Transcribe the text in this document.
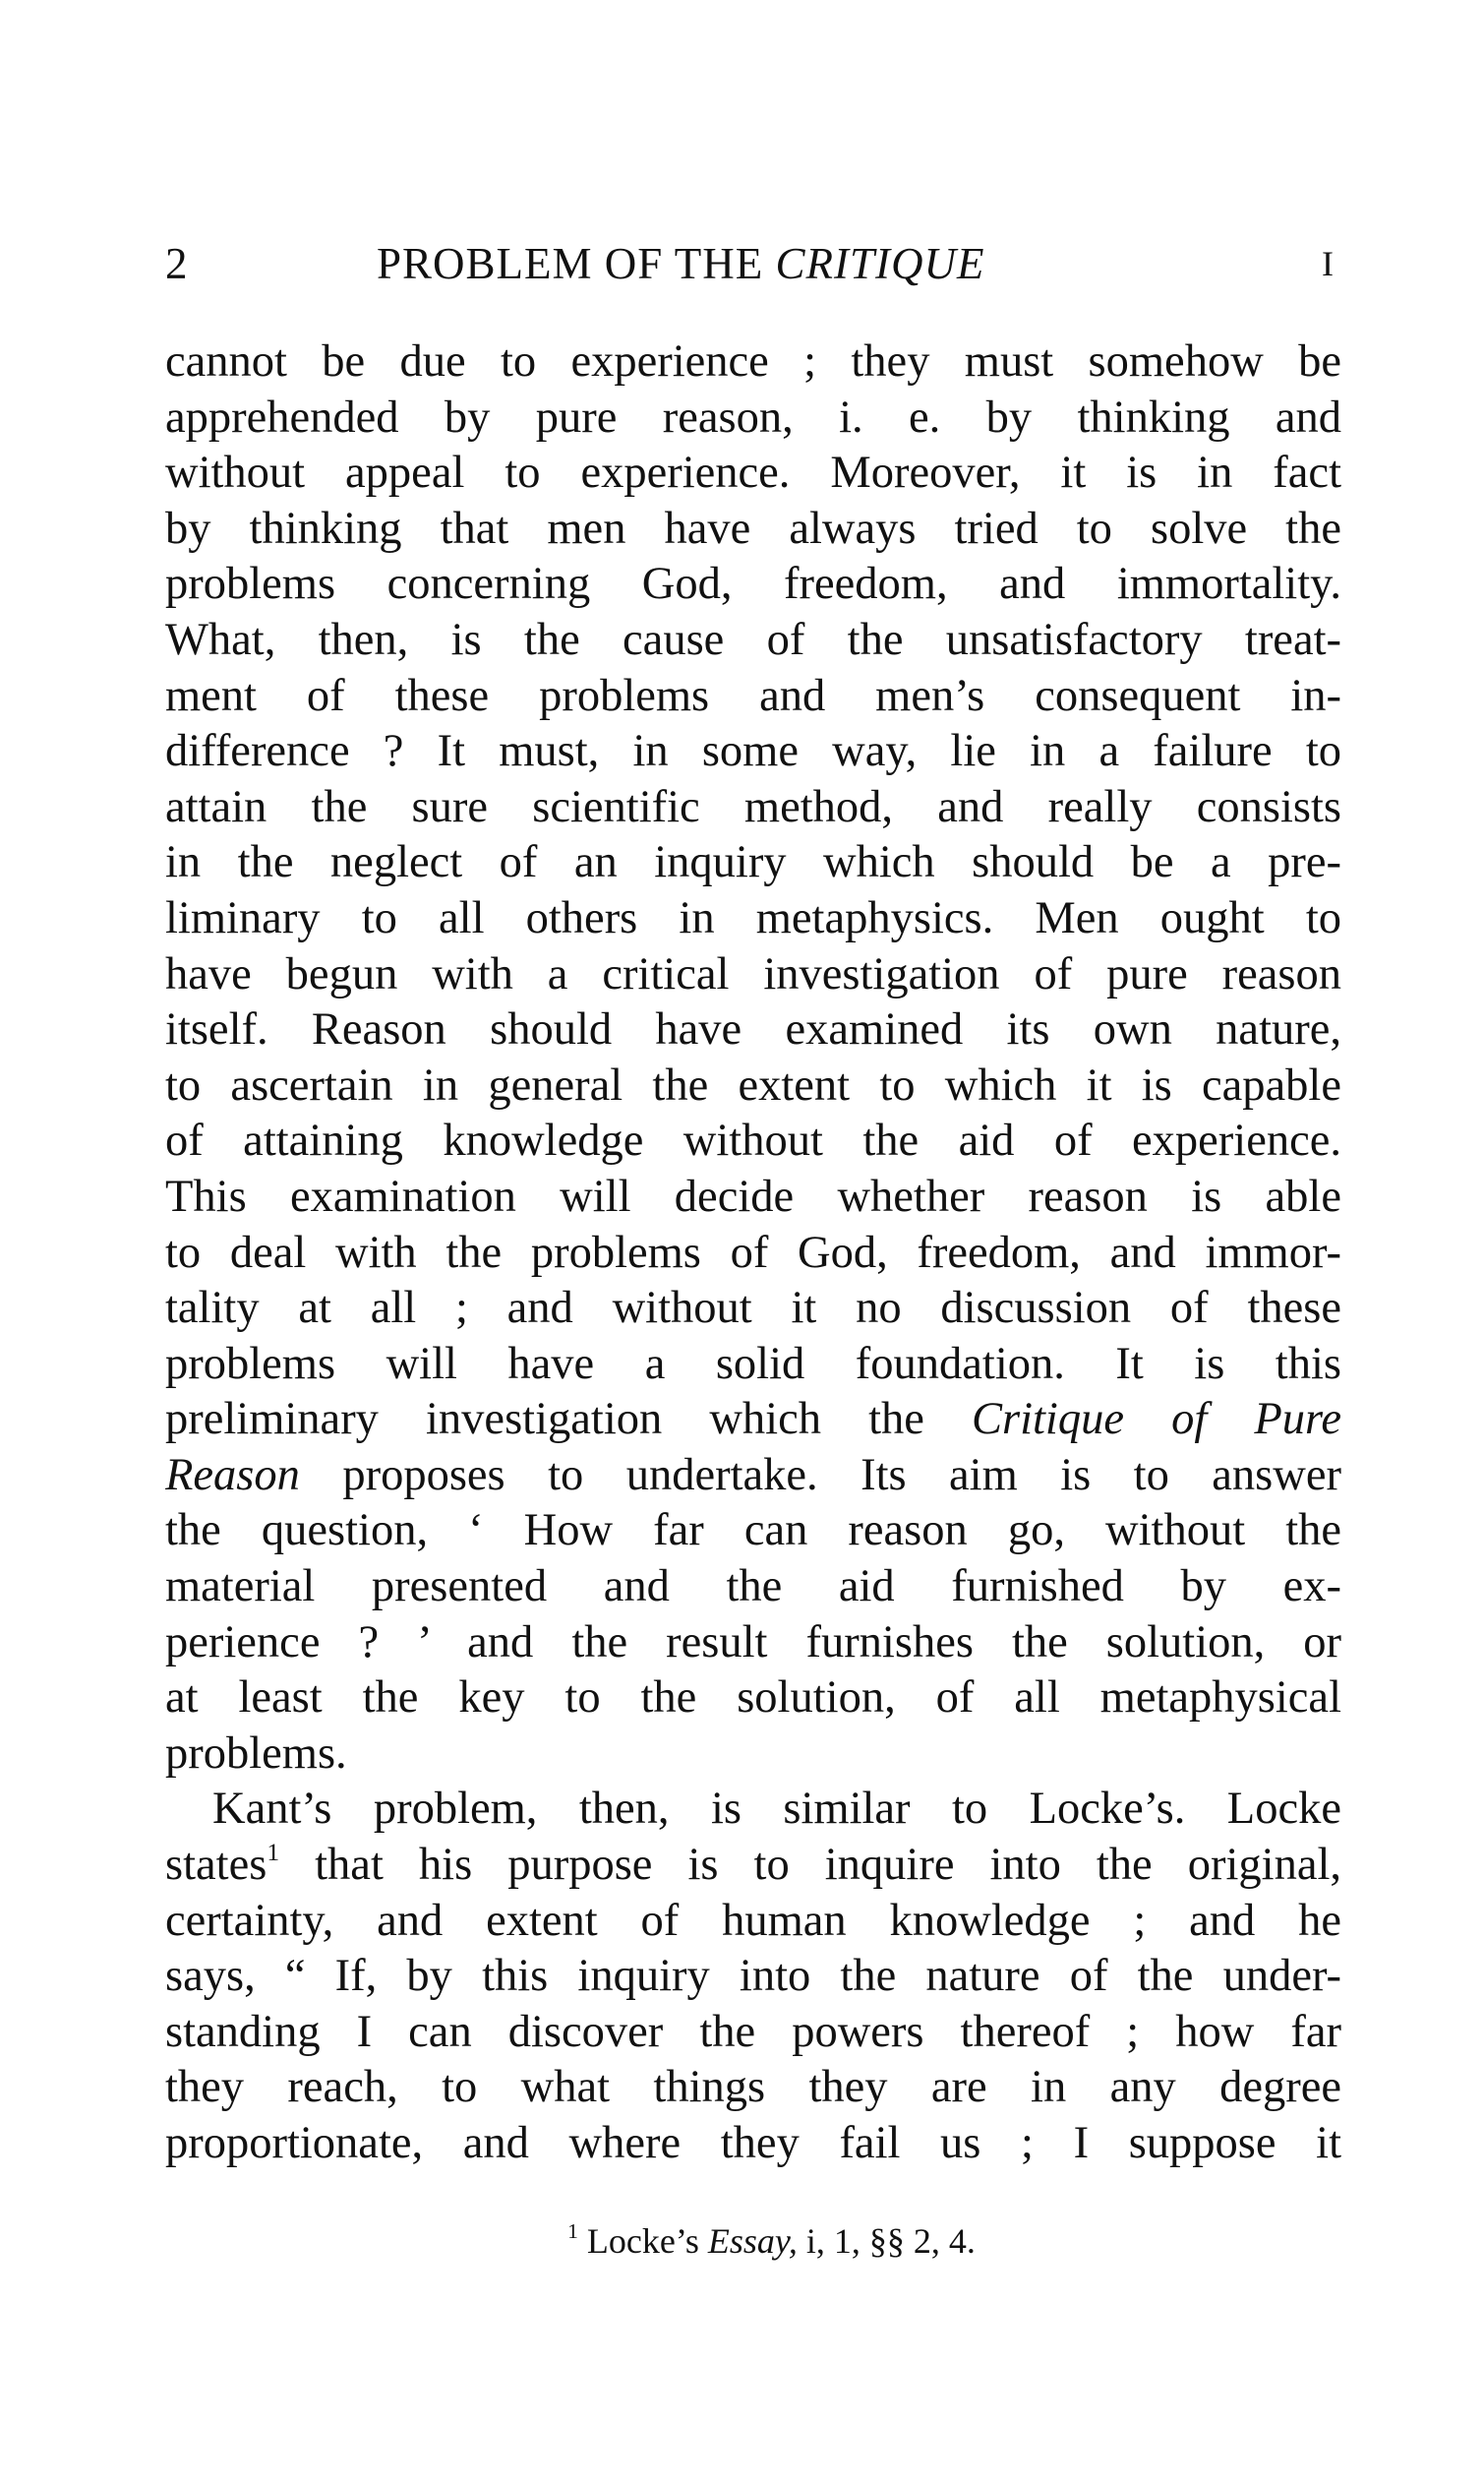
2	PROBLEM OF THE CRITIQUE	I
cannot be due to experience ; they must somehow be
apprehended by pure reason, i. e. by thinking and
without appeal to experience. Moreover, it is in fact
by thinking that men have always tried to solve the
problems concerning God, freedom, and immortality.
What, then, is the cause of the unsatisfactory treat-
ment of these problems and men’s consequent in-
difference ? It must, in some way, lie in a failure to
attain the sure scientific method, and really consists
in the neglect of an inquiry which should be a pre-
liminary to all others in metaphysics. Men ought to
have begun with a critical investigation of pure reason
itself. Reason should have examined its own nature,
to ascertain in general the extent to which it is capable
of attaining knowledge without the aid of experience.
This examination will decide whether reason is able
to deal with the problems of God, freedom, and immor-
tality at all ; and without it no discussion of these
problems will have a solid foundation. It is this
preliminary investigation which the Critique of Pure
Reason proposes to undertake. Its aim is to answer
the question, ‘ How far can reason go, without the
material presented and the aid furnished by ex-
perience ? ’ and the result furnishes the solution, or
at least the key to the solution, of all metaphysical
problems.
Kant’s problem, then, is similar to Locke’s. Locke
states$^1$ that his purpose is to inquire into the original,
certainty, and extent of human knowledge ; and he
says, “ If, by this inquiry into the nature of the under-
standing I can discover the powers thereof ; how far
they reach, to what things they are in any degree
proportionate, and where they fail us ; I suppose it
$^1$ Locke’s Essay, i, 1, §§ 2, 4.
